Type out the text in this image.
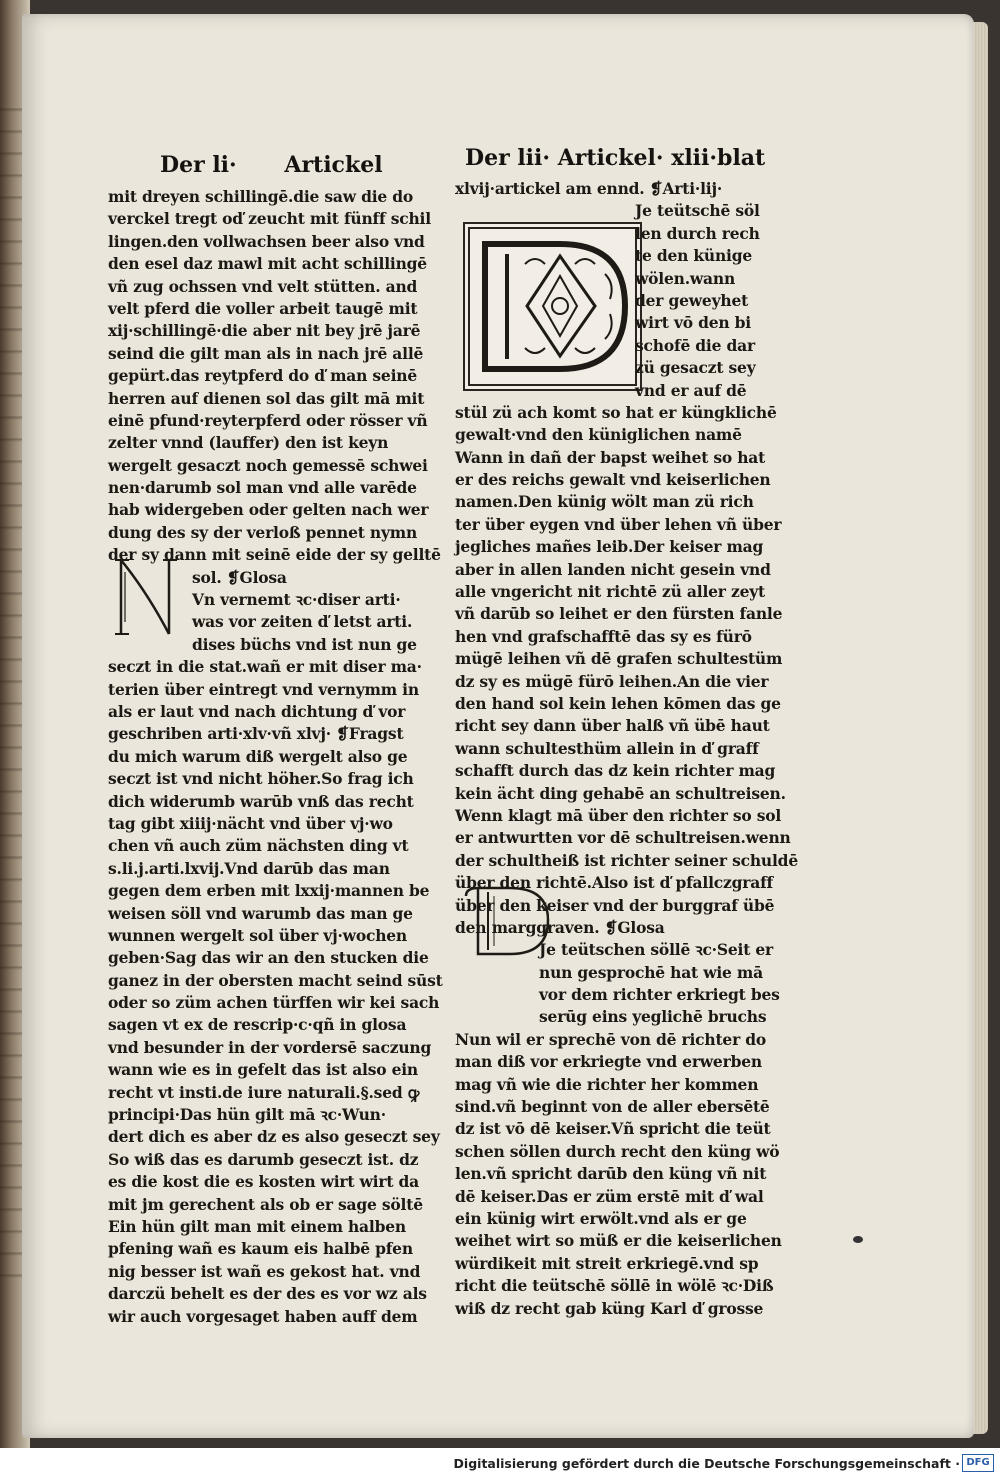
Der li· Artickel	Der lii· Artickel· xlii·blat
mit dreyen schillingē.die saw die do
verckel tregt oď zeucht mit fünff schil
lingen.den vollwachsen beer also vnd
den esel daz mawl mit acht schillingē
vñ zug ochssen vnd velt stütten. and
velt pferd die voller arbeit taugē mit
xij·schillingē·die aber nit bey jrē jarē
seind die gilt man als in nach jrē allē
gepürt.das reytpferd do ď man seinē
herren auf dienen sol das gilt mā mit
einē pfund·reyterpferd oder rösser vñ
zelter vnnd (lauffer) den ist keyn
wergelt gesaczt noch gemessē schwei
nen·darumb sol man vnd alle varēde
hab widergeben oder gelten nach wer
dung des sy der verloß pennet nymn
der sy dann mit seinē eide der sy gelltē
sol. ❡Glosa
Vn vernemt ꝛc·diser arti·
was vor zeiten ď letst arti.
dises büchs vnd ist nun ge
seczt in die stat.wañ er mit diser ma·
terien über eintregt vnd vernymm in
als er laut vnd nach dichtung ď vor
geschriben arti·xlv·vñ xlvj· ❡Fragst
du mich warum diß wergelt also ge
seczt ist vnd nicht höher.So frag ich
dich widerumb warūb vnß das recht
tag gibt xiiij·nächt vnd über vj·wo
chen vñ auch züm nächsten ding vt
s.li.j.arti.lxvij.Vnd darūb das man
gegen dem erben mit lxxij·mannen be
weisen söll vnd warumb das man ge
wunnen wergelt sol über vj·wochen
geben·Sag das wir an den stucken die
ganez in der obersten macht seind sūst
oder so züm achen türffen wir kei sach
sagen vt ex de rescrip·c·qñ in glosa
vnd besunder in der vordersē saczung
wann wie es in gefelt das ist also ein
recht vt insti.de iure naturali.§.sed ꝙ
principi·Das hün gilt mā ꝛc·Wun·
dert dich es aber dz es also geseczt sey
So wiß das es darumb geseczt ist. dz
es die kost die es kosten wirt wirt da
mit jm gerechent als ob er sage söltē
Ein hün gilt man mit einem halben
pfening wañ es kaum eis halbē pfen
nig besser ist wañ es gekost hat. vnd
darczü behelt es der des es vor wz als
wir auch vorgesaget haben auff dem
xlvij·artickel am ennd. ❡Arti·lij·
Je teütschē söl
len durch rech
te den künige
wölen.wann
der geweyhet
wirt vō den bi
schofē die dar
zü gesaczt sey
vnd er auf dē
stül zü ach komt so hat er küngklichē
gewalt·vnd den küniglichen namē
Wann in dañ der bapst weihet so hat
er des reichs gewalt vnd keiserlichen
namen.Den künig wölt man zü rich
ter über eygen vnd über lehen vñ über
jegliches mañes leib.Der keiser mag
aber in allen landen nicht gesein vnd
alle vngericht nit richtē zü aller zeyt
vñ darūb so leihet er den fürsten fanle
hen vnd grafschafftē das sy es fürō
mügē leihen vñ dē grafen schultestüm
dz sy es mügē fürō leihen.An die vier
den hand sol kein lehen kōmen das ge
richt sey dann über halß vñ übē haut
wann schultesthüm allein in ď graff
schafft durch das dz kein richter mag
kein ächt ding gehabē an schultreisen.
Wenn klagt mā über den richter so sol
er antwurtten vor dē schultreisen.wenn
der schultheiß ist richter seiner schuldē
über den richtē.Also ist ď pfallczgraff
über den keiser vnd der burggraf übē
den marggraven. ❡Glosa
Je teütschen söllē ꝛc·Seit er
nun gesprochē hat wie mā
vor dem richter erkriegt bes
serūg eins yeglichē bruchs
Nun wil er sprechē von dē richter do
man diß vor erkriegte vnd erwerben
mag vñ wie die richter her kommen
sind.vñ beginnt von de aller ebersētē
dz ist vō dē keiser.Vñ spricht die teüt
schen söllen durch recht den küng wö
len.vñ spricht darūb den küng vñ nit
dē keiser.Das er züm erstē mit ď wal
ein künig wirt erwölt.vnd als er ge
weihet wirt so müß er die keiserlichen
würdikeit mit streit erkriegē.vnd sp
richt die teütschē söllē in wölē ꝛc·Diß
wiß dz recht gab küng Karl ď grosse
Digitalisierung gefördert durch die Deutsche Forschungsgemeinschaft · DFG
